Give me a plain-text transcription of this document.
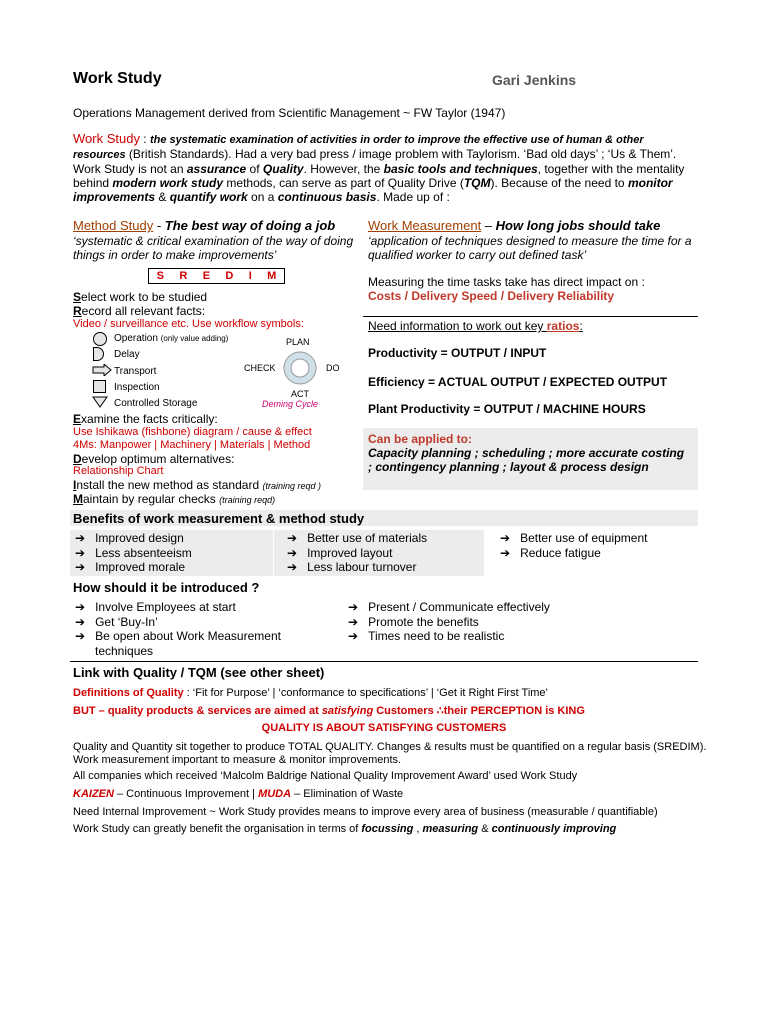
Work Study	Gari Jenkins
Operations Management derived from Scientific Management ~ FW Taylor (1947)
Work Study : the systematic examination of activities in order to improve the effective use of human & other resources (British Standards). Had a very bad press / image problem with Taylorism. ‘Bad old days’ ; ‘Us & Them’. Work Study is not an assurance of Quality. However, the basic tools and techniques, together with the mentality behind modern work study methods, can serve as part of Quality Drive (TQM). Because of the need to monitor improvements & quantify work on a continuous basis. Made up of :
Method Study - The best way of doing a job
‘systematic & critical examination of the way of doing things in order to make improvements’
S R E D I M
Select work to be studied
Record all relevant facts:
Video / surveillance etc. Use workflow symbols:
Operation (only value adding)
Delay
Transport
Inspection
Controlled Storage
PLAN
CHECK	DO
ACT
Deming Cycle
Examine the facts critically:
Use Ishikawa (fishbone) diagram / cause & effect
4Ms: Manpower | Machinery | Materials | Method
Develop optimum alternatives:
Relationship Chart
Install the new method as standard (training reqd )
Maintain by regular checks (training reqd)
Work Measurement – How long jobs should take
‘application of techniques designed to measure the time for a qualified worker to carry out defined task’
Measuring the time tasks take has direct impact on :
Costs / Delivery Speed / Delivery Reliability
Need information to work out key ratios:
Productivity = OUTPUT / INPUT
Efficiency = ACTUAL OUTPUT / EXPECTED OUTPUT
Plant Productivity = OUTPUT / MACHINE HOURS
Can be applied to:
Capacity planning ; scheduling ; more accurate costing ; contingency planning ; layout & process design
Benefits of work measurement & method study
➔   Improved design
➔   Less absenteeism
➔   Improved morale
➔   Better use of materials
➔   Improved layout
➔   Less labour turnover
➔   Better use of equipment
➔   Reduce fatigue
How should it be introduced ?
➔   Involve Employees at start
➔   Get ‘Buy-In’
➔   Be open about Work Measurement
techniques
➔   Present / Communicate effectively
➔   Promote the benefits
➔   Times need to be realistic
Link with Quality / TQM (see other sheet)
Definitions of Quality : ‘Fit for Purpose’ | ‘conformance to specifications’ | ‘Get it Right First Time’
BUT – quality products & services are aimed at satisfying Customers ∴their PERCEPTION is KING
QUALITY IS ABOUT SATISFYING CUSTOMERS
Quality and Quantity sit together to produce TOTAL QUALITY. Changes & results must be quantified on a regular basis (SREDIM). Work measurement important to measure & monitor improvements.
All companies which received ‘Malcolm Baldrige National Quality Improvement Award’ used Work Study
KAIZEN – Continuous Improvement | MUDA – Elimination of Waste
Need Internal Improvement ~ Work Study provides means to improve every area of business (measurable / quantifiable)
Work Study can greatly benefit the organisation in terms of focussing , measuring & continuously improving
